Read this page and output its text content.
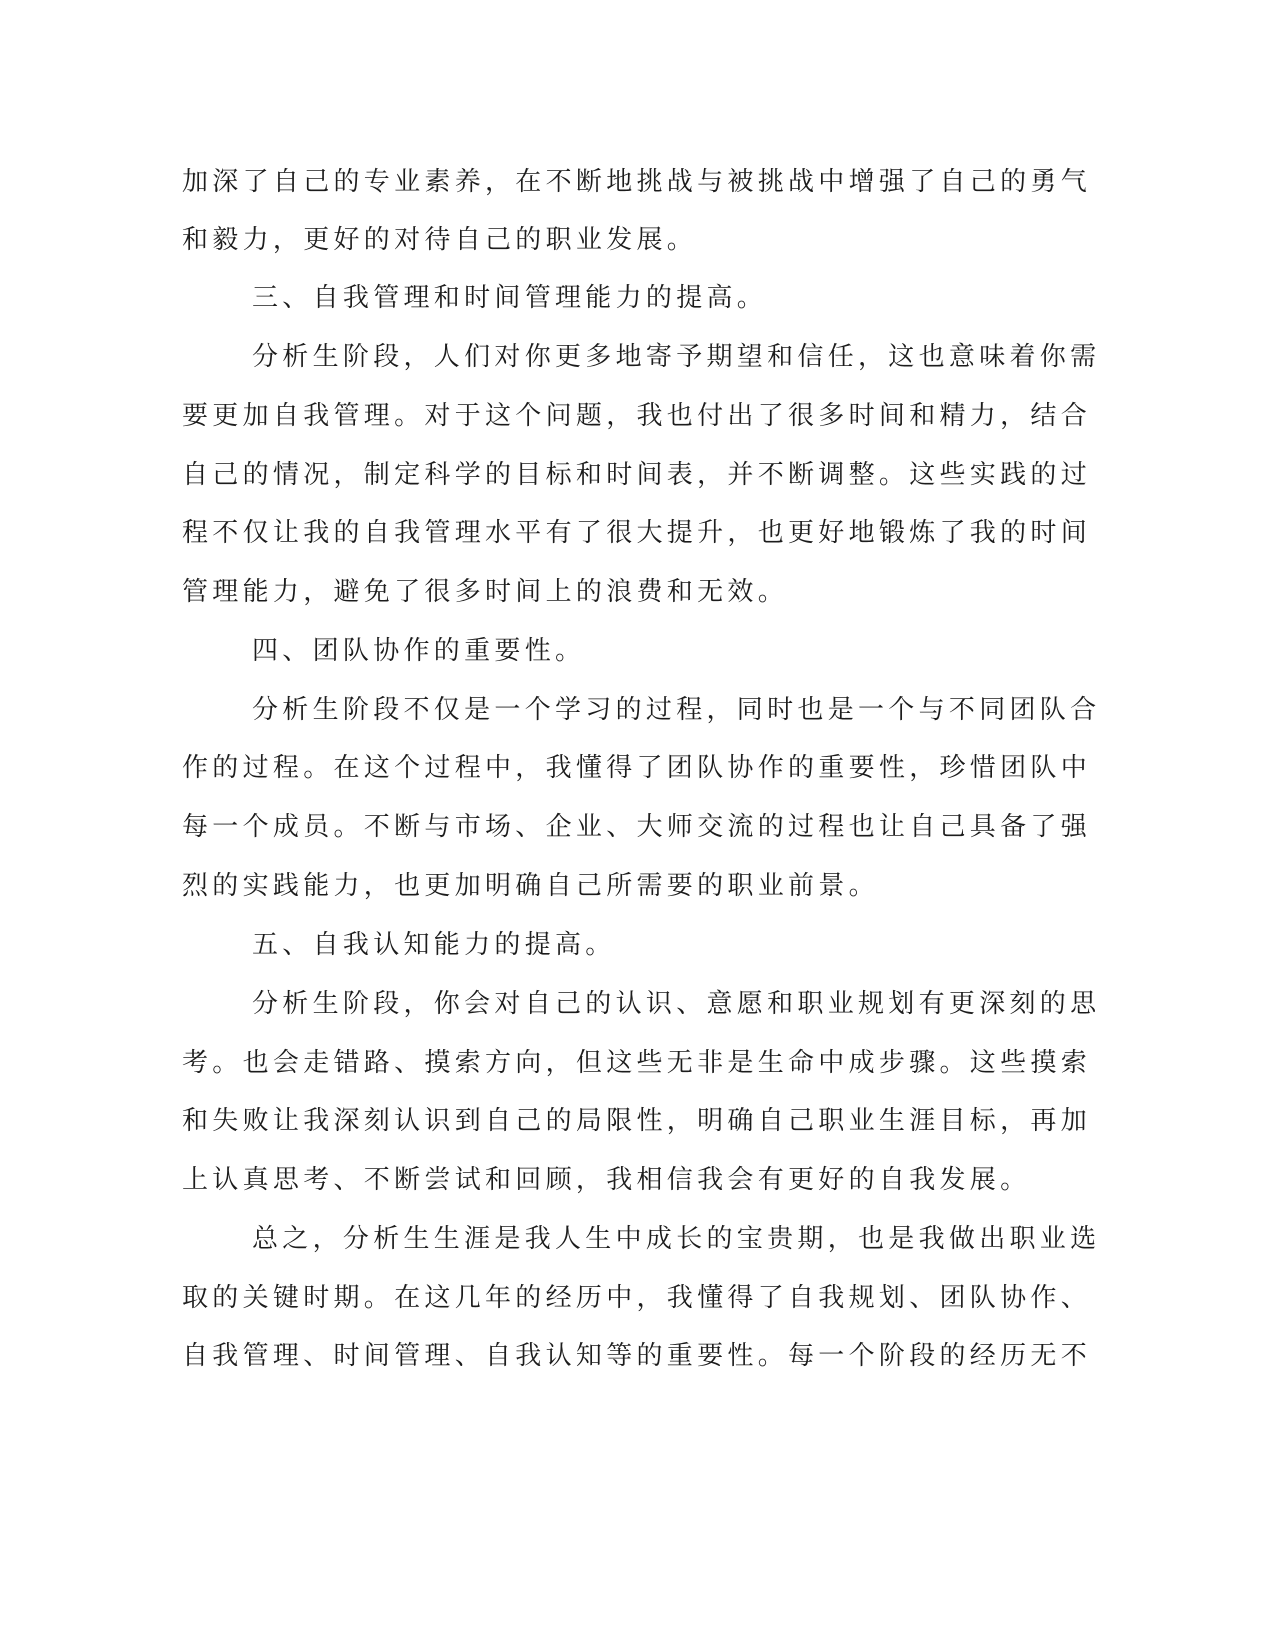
加深了自己的专业素养，在不断地挑战与被挑战中增强了自己的勇气
和毅力，更好的对待自己的职业发展。
三、自我管理和时间管理能力的提高。
分析生阶段，人们对你更多地寄予期望和信任，这也意味着你需
要更加自我管理。对于这个问题，我也付出了很多时间和精力，结合
自己的情况，制定科学的目标和时间表，并不断调整。这些实践的过
程不仅让我的自我管理水平有了很大提升，也更好地锻炼了我的时间
管理能力，避免了很多时间上的浪费和无效。
四、团队协作的重要性。
分析生阶段不仅是一个学习的过程，同时也是一个与不同团队合
作的过程。在这个过程中，我懂得了团队协作的重要性，珍惜团队中
每一个成员。不断与市场、企业、大师交流的过程也让自己具备了强
烈的实践能力，也更加明确自己所需要的职业前景。
五、自我认知能力的提高。
分析生阶段，你会对自己的认识、意愿和职业规划有更深刻的思
考。也会走错路、摸索方向，但这些无非是生命中成步骤。这些摸索
和失败让我深刻认识到自己的局限性，明确自己职业生涯目标，再加
上认真思考、不断尝试和回顾，我相信我会有更好的自我发展。
总之，分析生生涯是我人生中成长的宝贵期，也是我做出职业选
取的关键时期。在这几年的经历中，我懂得了自我规划、团队协作、
自我管理、时间管理、自我认知等的重要性。每一个阶段的经历无不
